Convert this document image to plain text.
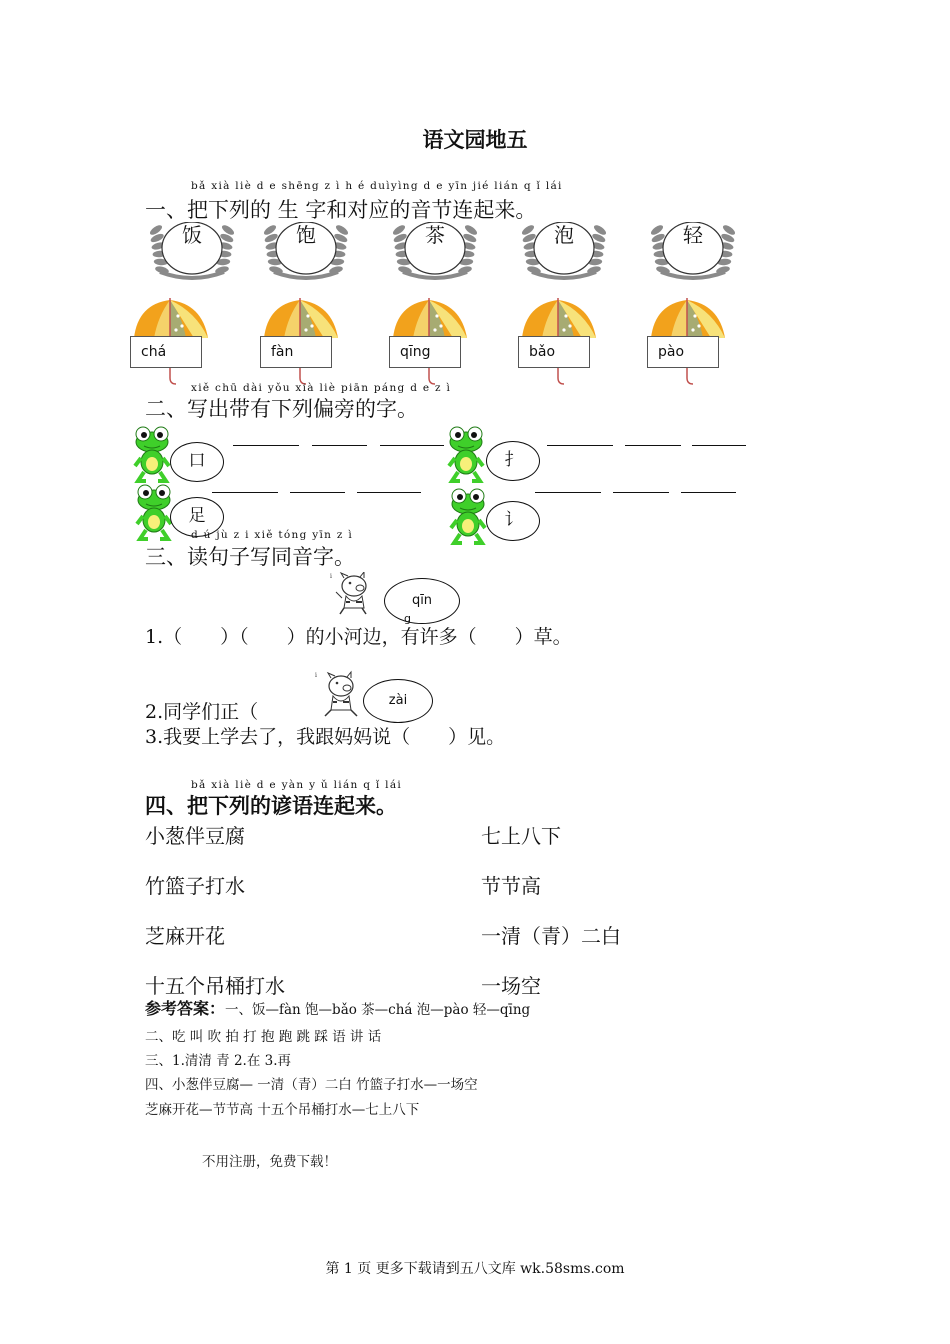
语文园地五
bǎ xià liè d e shēng z ì h é duìyìng d e yīn jié lián q ǐ lái
一、把下列的 生 字和对应的音节连起来。
饭	饱	茶	泡	轻
chá	fàn	qīng	bǎo	pào
xiě chū dài yǒu xià liè piān páng d e z ì
二、写出带有下列偏旁的字。
口	扌
足	讠
d ú jù z i xiě tóng yīn z ì
三、读句子写同音字。
i
qīn
g
1.（　　）（　　）的小河边，有许多（　　）草。
i
zài
2.同学们正（
3.我要上学去了，我跟妈妈说（　　）见。
bǎ xià liè d e yàn y ǔ lián q ǐ lái
四、把下列的谚语连起来。
小葱伴豆腐	七上八下
竹篮子打水	节节高
芝麻开花	一清（青）二白
十五个吊桶打水	一场空
参考答案：一、饭—fàn 饱—bǎo 茶—chá 泡—pào 轻—qīng
二、吃 叫 吹 拍 打 抱 跑 跳 踩 语 讲 话
三、1.清清 青 2.在 3.再
四、小葱伴豆腐— 一清（青）二白 竹篮子打水—一场空
芝麻开花—节节高 十五个吊桶打水—七上八下
不用注册，免费下载！
第 1 页 更多下载请到五八文库 wk.58sms.com
